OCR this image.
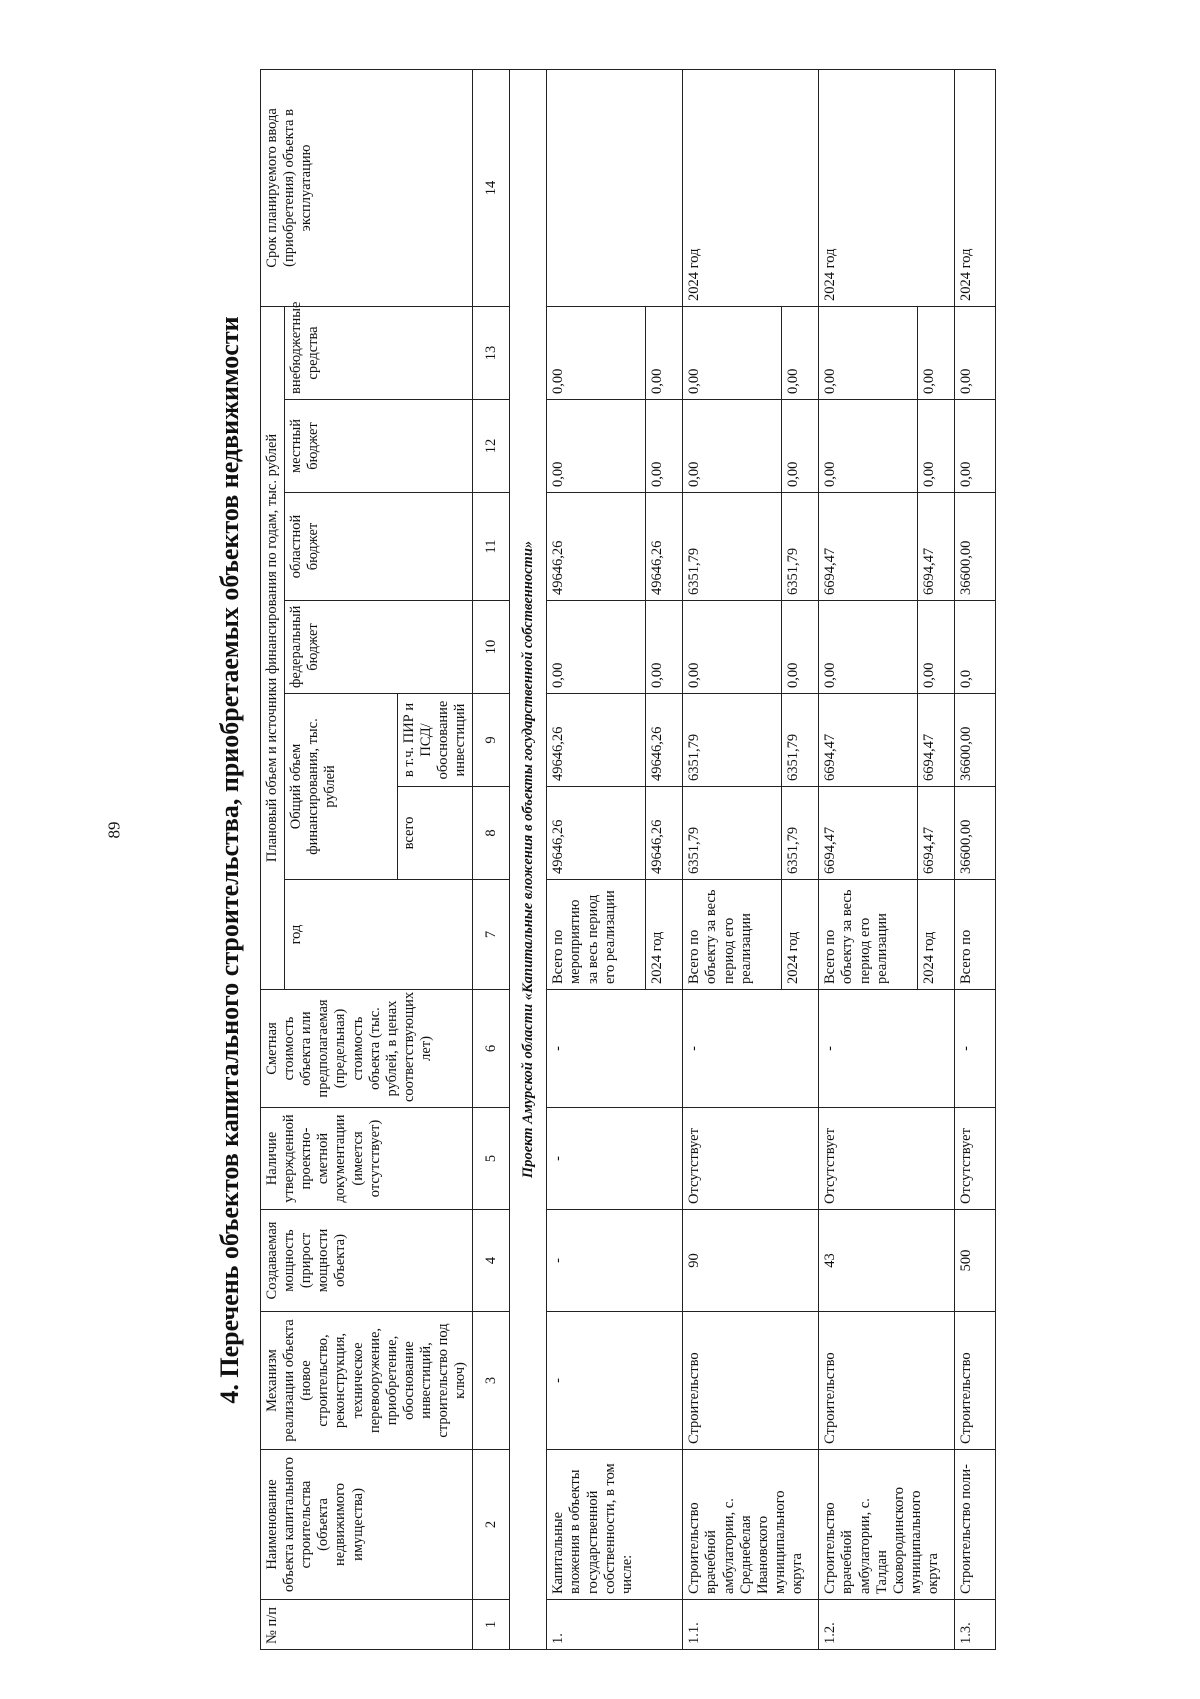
89	4. Перечень объектов капитального строительства, приобретаемых объектов недвижимости
№ п/п	Наименование объекта капитального строительства (объекта недвижимого имущества)	Механизм реализации объекта (новое строительство, реконструкция, техническое перевооружение, приобретение, обоснование инвестиций, строительство под ключ)	Создаваемая мощность (прирост мощности объекта)	Наличие утвержденной проектно-сметной документации (имеется отсутствует)	Сметная стоимость объекта или предполагаемая (предельная) стоимость объекта (тыс. рублей, в ценах соответствующих лет)	Плановый объем и источники финансирования по годам, тыс. рублей							Срок планируемого ввода (приобретения) объекта в эксплуатацию
						год	Общий объем финансирования, тыс. рублей		федеральный бюджет	областной бюджет	местный бюджет	внебюджетные средства	
							всего	в т.ч. ПИР и ПСД/ обоснование инвестиций					
1	2	3	4	5	6	7	8	9	10	11	12	13	14
Проект Амурской области «Капитальные вложения в объекты государственной собственности»													
1.	Капитальные вложения в объекты государственной собственности, в том числе:	-	-	-	-	Всего по мероприятию за весь период его реализации	49646,26	49646,26	0,00	49646,26	0,00	0,00	
						2024 год	49646,26	49646,26	0,00	49646,26	0,00	0,00	
1.1.	Строительство врачебной амбулатории, с. Среднебелая Ивановского муниципального округа	Строительство	90	Отсутствует	-	Всего по объекту за весь период его реализации	6351,79	6351,79	0,00	6351,79	0,00	0,00	2024 год
						2024 год	6351,79	6351,79	0,00	6351,79	0,00	0,00	
1.2.	Строительство врачебной амбулатории, с. Талдан Сковородинского муниципального округа	Строительство	43	Отсутствует	-	Всего по объекту за весь период его реализации	6694,47	6694,47	0,00	6694,47	0,00	0,00	2024 год
						2024 год	6694,47	6694,47	0,00	6694,47	0,00	0,00	
1.3.	Строительство поли-	Строительство	500	Отсутствует	-	Всего по	36600,00	36600,00	0,0	36600,00	0,00	0,00	2024 год
